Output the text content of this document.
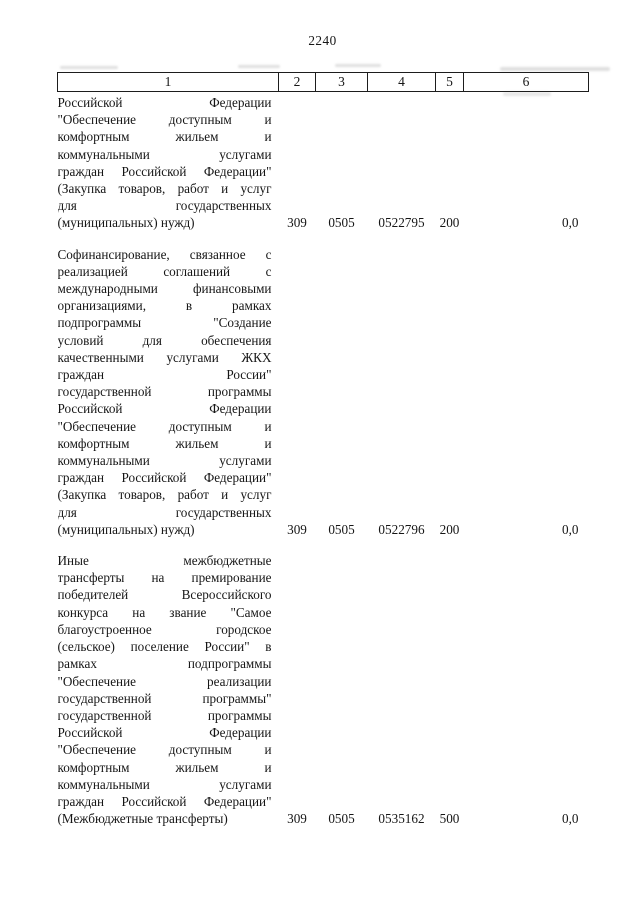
2240
1	2	3	4	5	6

Российской Федерации
"Обеспечение доступным и
комфортным жильем и
коммунальными услугами
граждан Российской Федерации"
(Закупка товаров, работ и услуг
для государственных
(муниципальных) нужд)	309	0505	0522795	200	0,0

Софинансирование, связанное с
реализацией соглашений с
международными финансовыми
организациями, в рамках
подпрограммы "Создание
условий для обеспечения
качественными услугами ЖКХ
граждан России"
государственной программы
Российской Федерации
"Обеспечение доступным и
комфортным жильем и
коммунальными услугами
граждан Российской Федерации"
(Закупка товаров, работ и услуг
для государственных
(муниципальных) нужд)	309	0505	0522796	200	0,0

Иные межбюджетные
трансферты на премирование
победителей Всероссийского
конкурса на звание "Самое
благоустроенное городское
(сельское) поселение России" в
рамках подпрограммы
"Обеспечение реализации
государственной программы"
государственной программы
Российской Федерации
"Обеспечение доступным и
комфортным жильем и
коммунальными услугами
граждан Российской Федерации"
(Межбюджетные трансферты)	309	0505	0535162	500	0,0
